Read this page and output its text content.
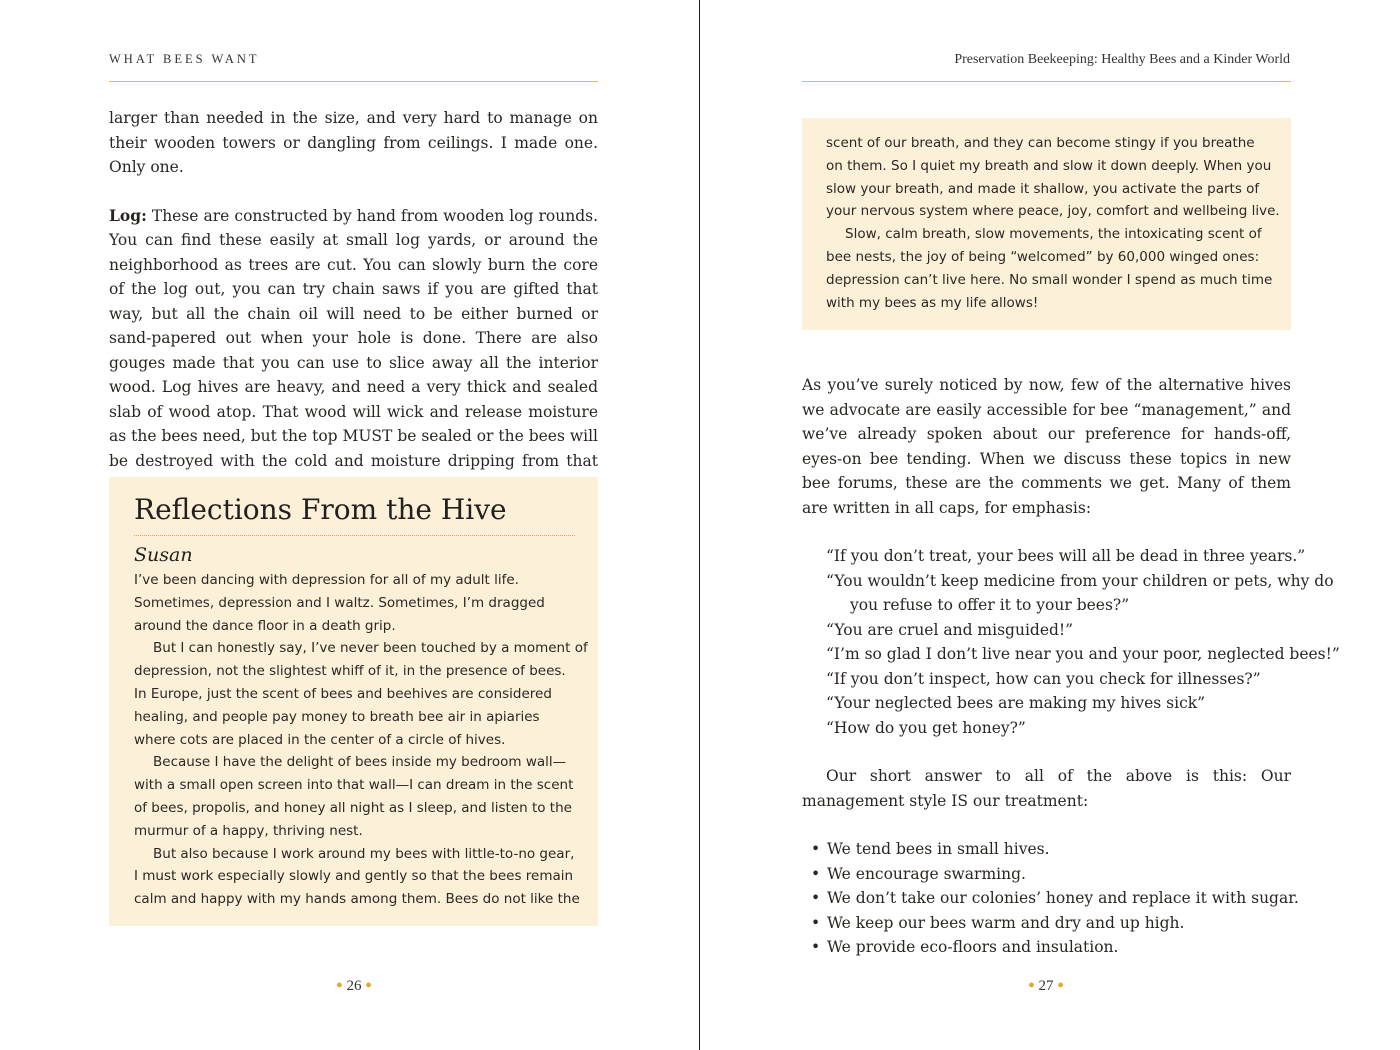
WHAT BEES WANT

larger than needed in the size, and very hard to manage on their wooden towers or dangling from ceilings. I made one. Only one.

Log: These are constructed by hand from wooden log rounds. You can find these easily at small log yards, or around the neighborhood as trees are cut. You can slowly burn the core of the log out, you can try chain saws if you are gifted that way, but all the chain oil will need to be either burned or sand-papered out when your hole is done. There are also gouges made that you can use to slice away all the interior wood. Log hives are heavy, and need a very thick and sealed slab of wood atop. That wood will wick and release moisture as the bees need, but the top MUST be sealed or the bees will be destroyed with the cold and moisture dripping from that

Reflections From the Hive
Susan

I’ve been dancing with depression for all of my adult life.

Sometimes, depression and I waltz. Sometimes, I’m dragged

around the dance floor in a death grip.

But I can honestly say, I’ve never been touched by a moment of

depression, not the slightest whiff of it, in the presence of bees.

In Europe, just the scent of bees and beehives are considered

healing, and people pay money to breath bee air in apiaries

where cots are placed in the center of a circle of hives.

Because I have the delight of bees inside my bedroom wall—

with a small open screen into that wall—I can dream in the scent

of bees, propolis, and honey all night as I sleep, and listen to the

murmur of a happy, thriving nest.

But also because I work around my bees with little-to-no gear,

I must work especially slowly and gently so that the bees remain

calm and happy with my hands among them. Bees do not like the

● 26 ●
Preservation Beekeeping: Healthy Bees and a Kinder World

scent of our breath, and they can become stingy if you breathe

on them. So I quiet my breath and slow it down deeply. When you

slow your breath, and made it shallow, you activate the parts of

your nervous system where peace, joy, comfort and wellbeing live.

Slow, calm breath, slow movements, the intoxicating scent of

bee nests, the joy of being “welcomed” by 60,000 winged ones:

depression can’t live here. No small wonder I spend as much time

with my bees as my life allows!

As you’ve surely noticed by now, few of the alternative hives we advocate are easily accessible for bee “management,” and we’ve already spoken about our preference for hands-off, eyes-on bee tending. When we discuss these topics in new bee forums, these are the comments we get. Many of them are written in all caps, for emphasis:

“If you don’t treat, your bees will all be dead in three years.”

“You wouldn’t keep medicine from your children or pets, why do

you refuse to offer it to your bees?”

“You are cruel and misguided!”

“I’m so glad I don’t live near you and your poor, neglected bees!”

“If you don’t inspect, how can you check for illnesses?”

“Your neglected bees are making my hives sick”

“How do you get honey?”

Our short answer to all of the above is this: Our management style IS our treatment:

• We tend bees in small hives.
• We encourage swarming.
• We don’t take our colonies’ honey and replace it with sugar.
• We keep our bees warm and dry and up high.
• We provide eco-floors and insulation.
● 27 ●
